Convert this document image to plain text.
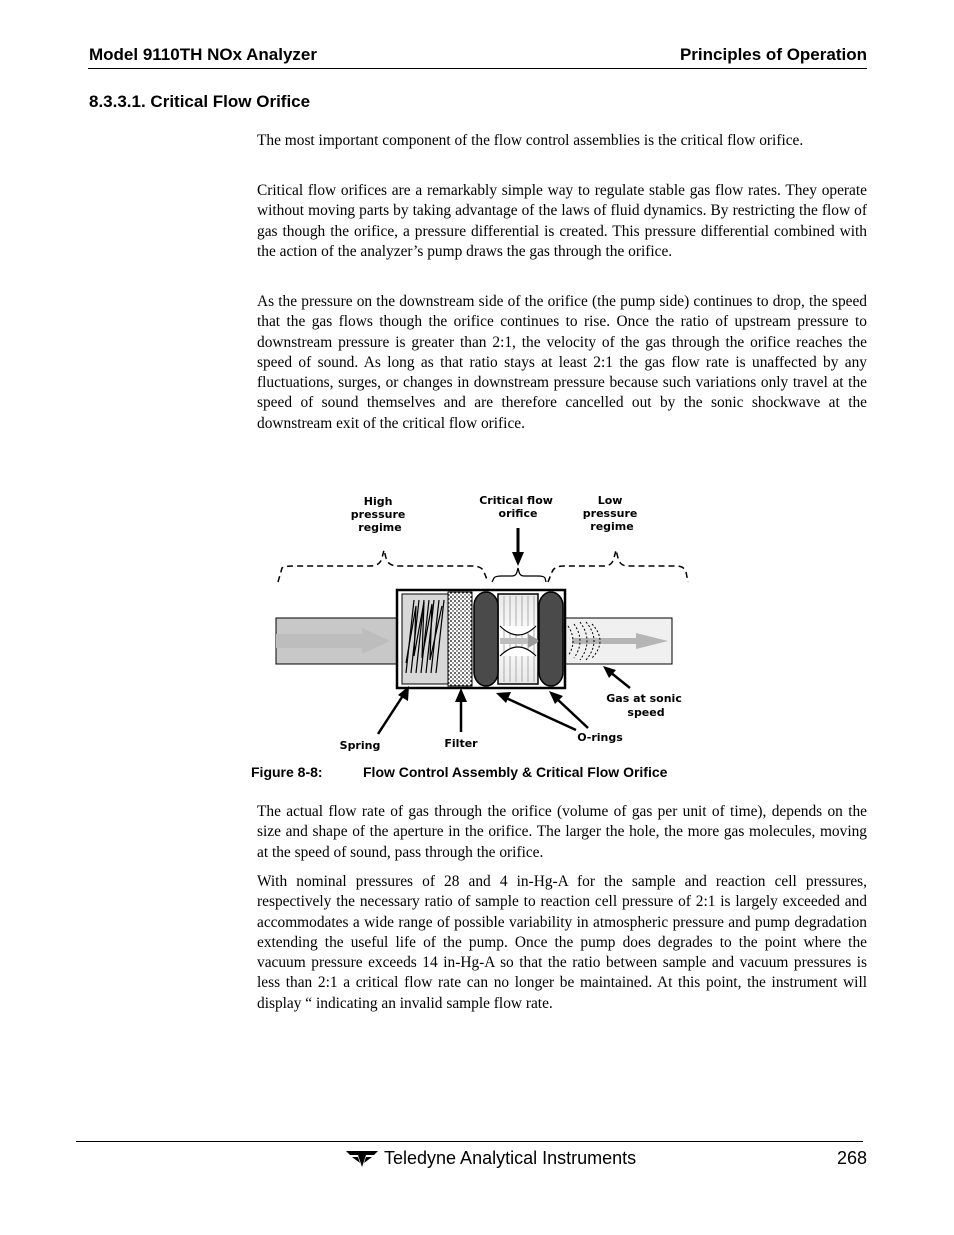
Model 9110TH NOx Analyzer	Principles of Operation
8.3.3.1. Critical Flow Orifice

The most important component of the flow control assemblies is the critical flow orifice.

Critical flow orifices are a remarkably simple way to regulate stable gas flow rates. They operate without moving parts by taking advantage of the laws of fluid dynamics. By restricting the flow of gas though the orifice, a pressure differential is created. This pressure differential combined with the action of the analyzer’s pump draws the gas through the orifice.

As the pressure on the downstream side of the orifice (the pump side) continues to drop, the speed that the gas flows though the orifice continues to rise. Once the ratio of upstream pressure to downstream pressure is greater than 2:1, the velocity of the gas through the orifice reaches the speed of sound. As long as that ratio stays at least 2:1 the gas flow rate is unaffected by any fluctuations, surges, or changes in downstream pressure because such variations only travel at the speed of sound themselves and are therefore cancelled out by the sonic shockwave at the downstream exit of the critical flow orifice.

High pressure regime
Critical flow orifice
Low pressure regime
Gas at sonic speed
Spring	Filter	O-rings
Figure 8-8:	Flow Control Assembly & Critical Flow Orifice

The actual flow rate of gas through the orifice (volume of gas per unit of time), depends on the size and shape of the aperture in the orifice. The larger the hole, the more gas molecules, moving at the speed of sound, pass through the orifice.

With nominal pressures of 28 and 4 in-Hg-A for the sample and reaction cell pressures, respectively the necessary ratio of sample to reaction cell pressure of 2:1 is largely exceeded and accommodates a wide range of possible variability in atmospheric pressure and pump degradation extending the useful life of the pump. Once the pump does degrades to the point where the vacuum pressure exceeds 14 in-Hg-A so that the ratio between sample and vacuum pressures is less than 2:1 a critical flow rate can no longer be maintained. At this point, the instrument will display “ indicating an invalid sample flow rate.

Teledyne Analytical Instruments	268
